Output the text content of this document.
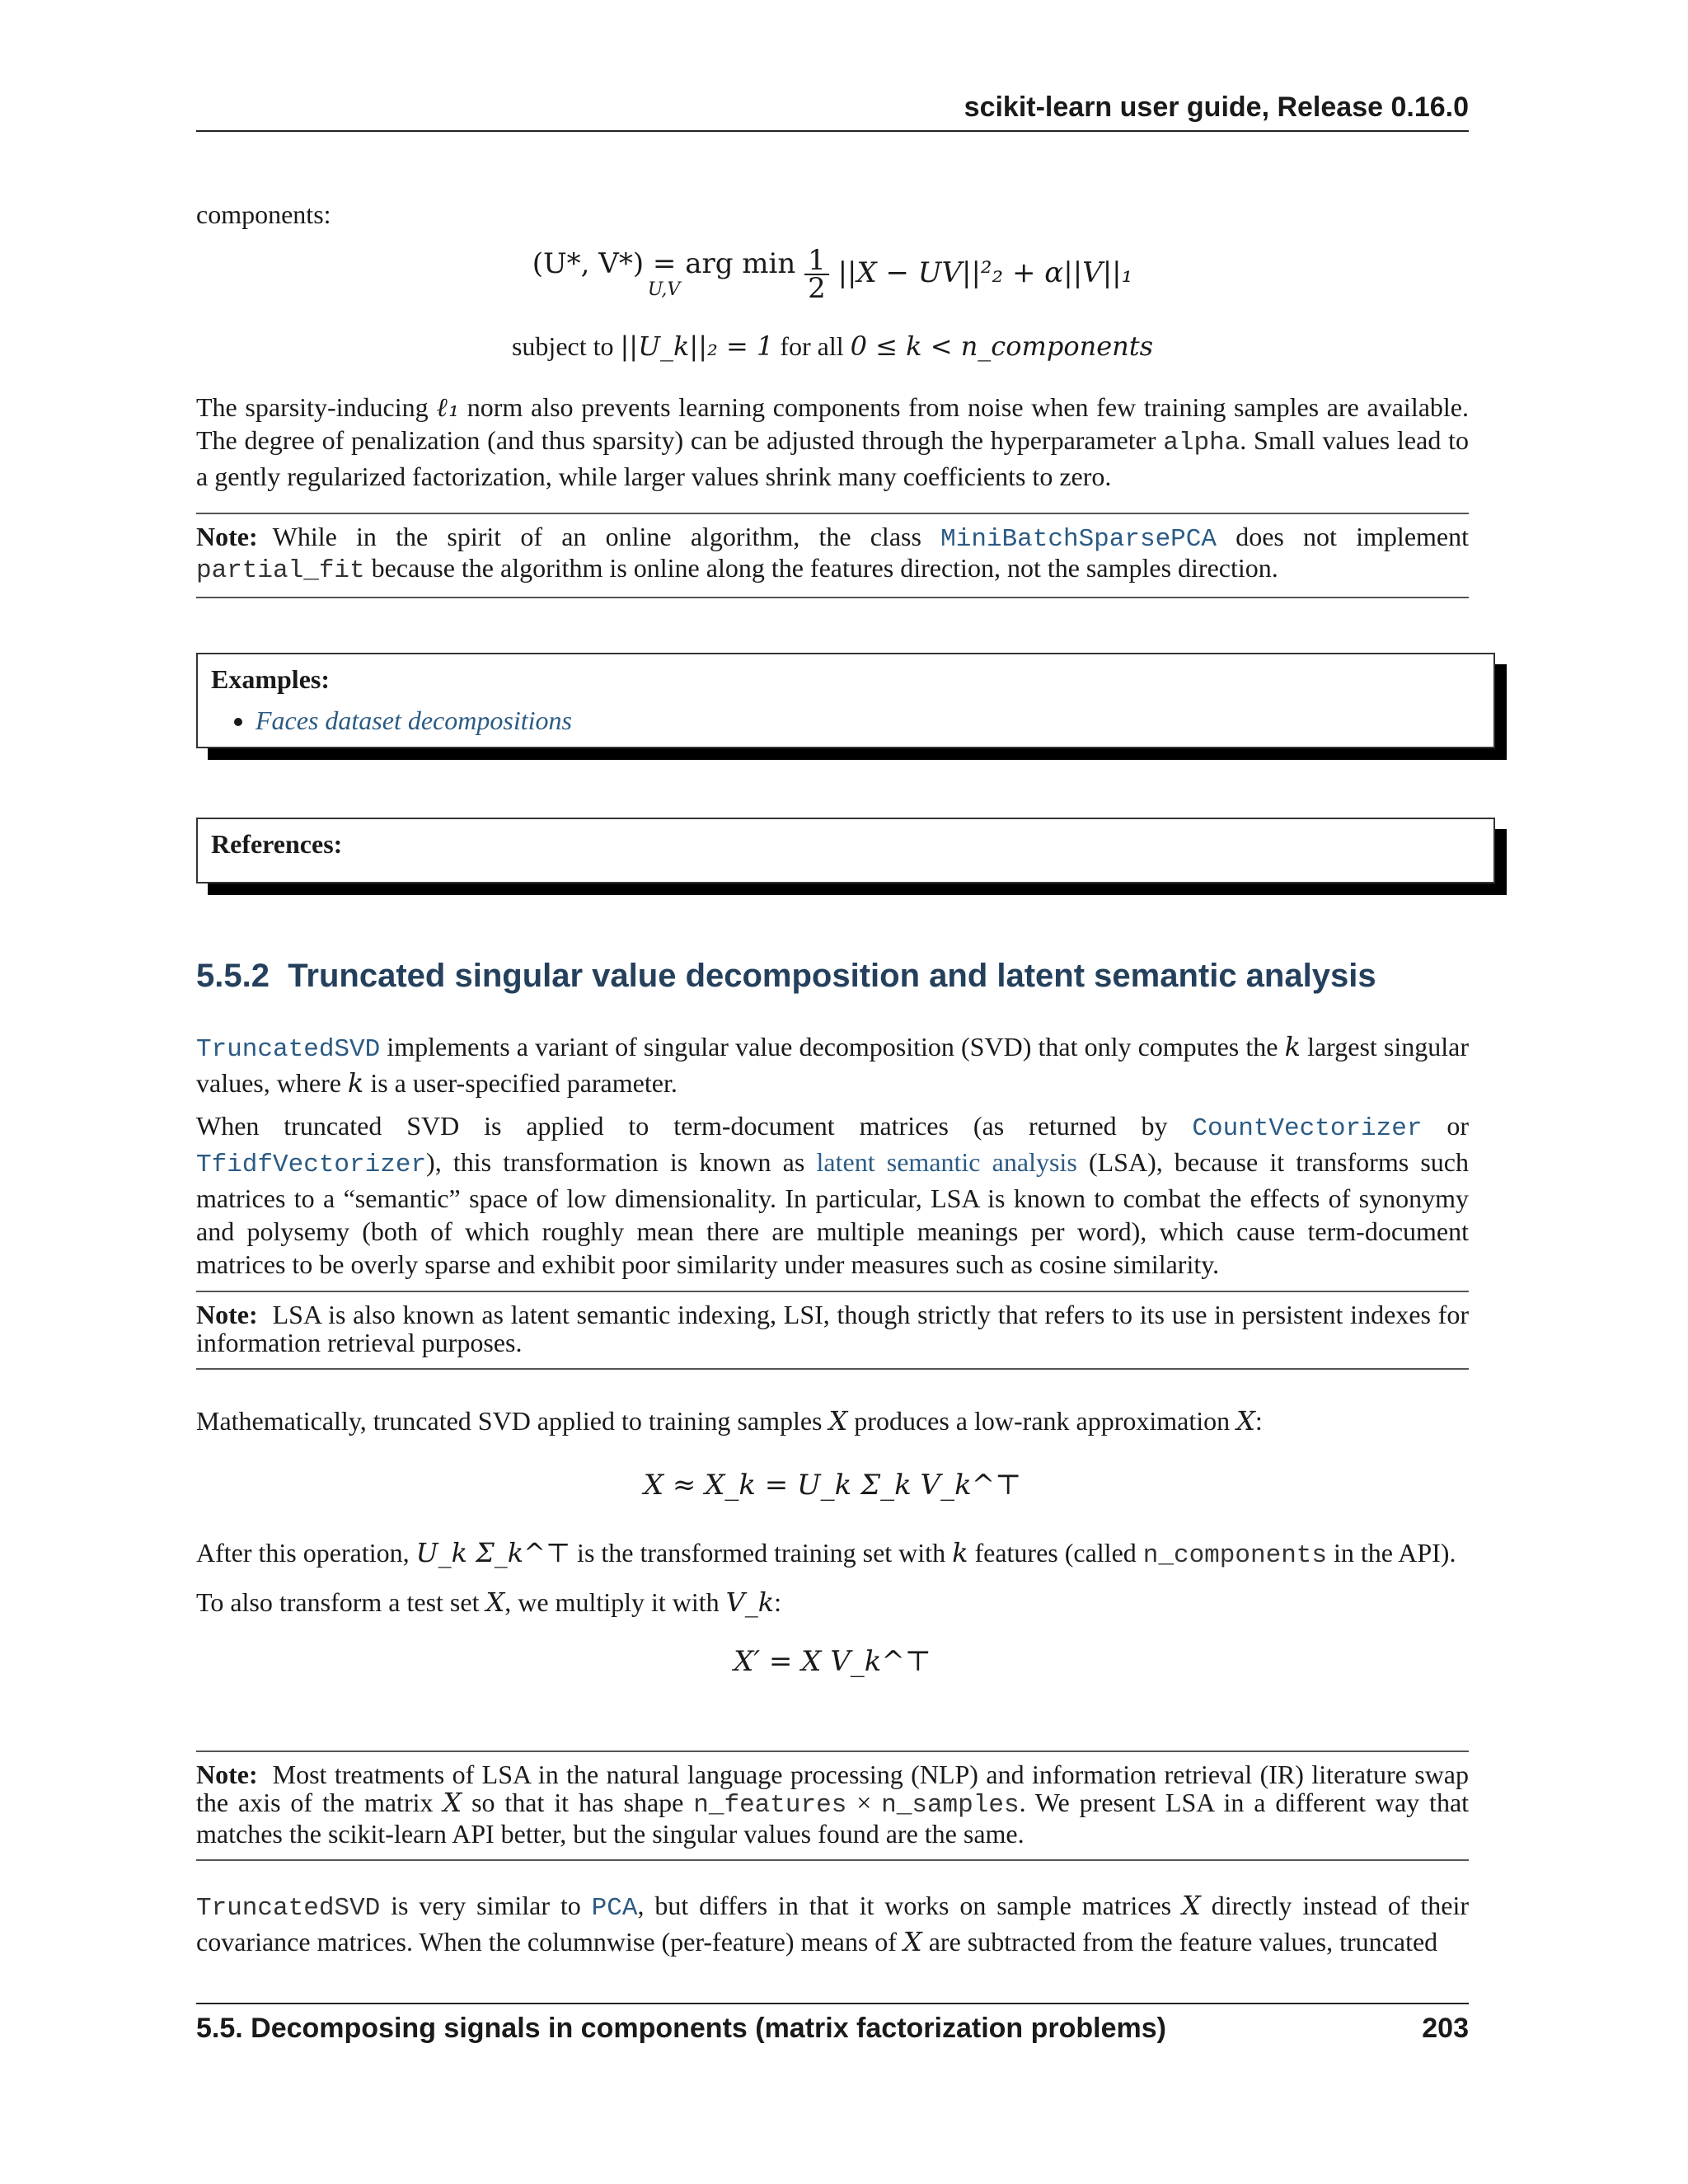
scikit-learn user guide, Release 0.16.0

components:

(U*, V*) = arg min
U,V
	$\frac{1}{2} ||X - UV||^2_2 + \alpha||V||_1$
subject to ||U_k||₂ = 1 for all 0 ≤ k < n_components

The sparsity-inducing ℓ₁ norm also prevents learning components from noise when few training samples are available. The degree of penalization (and thus sparsity) can be adjusted through the hyperparameter alpha. Small values lead to a gently regularized factorization, while larger values shrink many coefficients to zero.

Note: While in the spirit of an online algorithm, the class MiniBatchSparsePCA does not implement partial_fit because the algorithm is online along the features direction, not the samples direction.
Examples:
• Faces dataset decompositions
References:
5.5.2 Truncated singular value decomposition and latent semantic analysis

TruncatedSVD implements a variant of singular value decomposition (SVD) that only computes the k largest singular values, where k is a user-specified parameter.

When truncated SVD is applied to term-document matrices (as returned by CountVectorizer or TfidfVectorizer), this transformation is known as latent semantic analysis (LSA), because it transforms such matrices to a “semantic” space of low dimensionality. In particular, LSA is known to combat the effects of synonymy and polysemy (both of which roughly mean there are multiple meanings per word), which cause term-document matrices to be overly sparse and exhibit poor similarity under measures such as cosine similarity.

Note: LSA is also known as latent semantic indexing, LSI, though strictly that refers to its use in persistent indexes for information retrieval purposes.

Mathematically, truncated SVD applied to training samples X produces a low-rank approximation X:

X ≈ X_k = U_k Σ_k V_k^⊤

After this operation, U_k Σ_k^⊤ is the transformed training set with k features (called n_components in the API).

To also transform a test set X, we multiply it with V_k:

X′ = X V_k^⊤
Note: Most treatments of LSA in the natural language processing (NLP) and information retrieval (IR) literature swap the axis of the matrix X so that it has shape n_features × n_samples. We present LSA in a different way that matches the scikit-learn API better, but the singular values found are the same.

TruncatedSVD is very similar to PCA, but differs in that it works on sample matrices X directly instead of their covariance matrices. When the columnwise (per-feature) means of X are subtracted from the feature values, truncated

5.5. Decomposing signals in components (matrix factorization problems)	203
